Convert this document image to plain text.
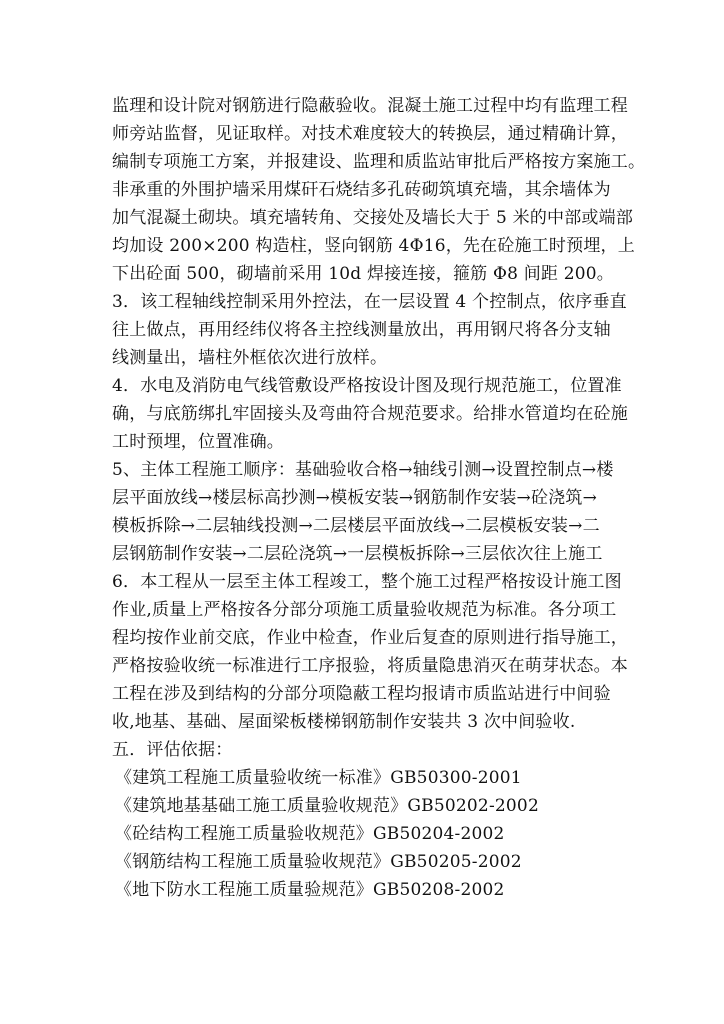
监理和设计院对钢筋进行隐蔽验收。混凝土施工过程中均有监理工程
师旁站监督，见证取样。对技术难度较大的转换层，通过精确计算，
编制专项施工方案，并报建设、监理和质监站审批后严格按方案施工。
非承重的外围护墙采用煤矸石烧结多孔砖砌筑填充墙，其余墙体为
加气混凝土砌块。填充墙转角、交接处及墙长大于 5 米的中部或端部
均加设 200×200 构造柱，竖向钢筋 4Φ16，先在砼施工时预埋，上
下出砼面 500，砌墙前采用 10d 焊接连接，箍筋 Φ8 间距 200。
3．该工程轴线控制采用外控法，在一层设置 4 个控制点，依序垂直
往上做点，再用经纬仪将各主控线测量放出，再用钢尺将各分支轴
线测量出，墙柱外框依次进行放样。
4．水电及消防电气线管敷设严格按设计图及现行规范施工，位置准
确，与底筋绑扎牢固接头及弯曲符合规范要求。给排水管道均在砼施
工时预埋，位置准确。
5、主体工程施工顺序：基础验收合格→轴线引测→设置控制点→楼
层平面放线→楼层标高抄测→模板安装→钢筋制作安装→砼浇筑→
模板拆除→二层轴线投测→二层楼层平面放线→二层模板安装→二
层钢筋制作安装→二层砼浇筑→一层模板拆除→三层依次往上施工
6．本工程从一层至主体工程竣工，整个施工过程严格按设计施工图
作业,质量上严格按各分部分项施工质量验收规范为标准。各分项工
程均按作业前交底，作业中检查，作业后复查的原则进行指导施工，
严格按验收统一标准进行工序报验，将质量隐患消灭在萌芽状态。本
工程在涉及到结构的分部分项隐蔽工程均报请市质监站进行中间验
收,地基、基础、屋面梁板楼梯钢筋制作安装共 3 次中间验收.
五．评估依据：
《建筑工程施工质量验收统一标准》GB50300-2001
《建筑地基基础工施工质量验收规范》GB50202-2002
《砼结构工程施工质量验收规范》GB50204-2002
《钢筋结构工程施工质量验收规范》GB50205-2002
《地下防水工程施工质量验规范》GB50208-2002
